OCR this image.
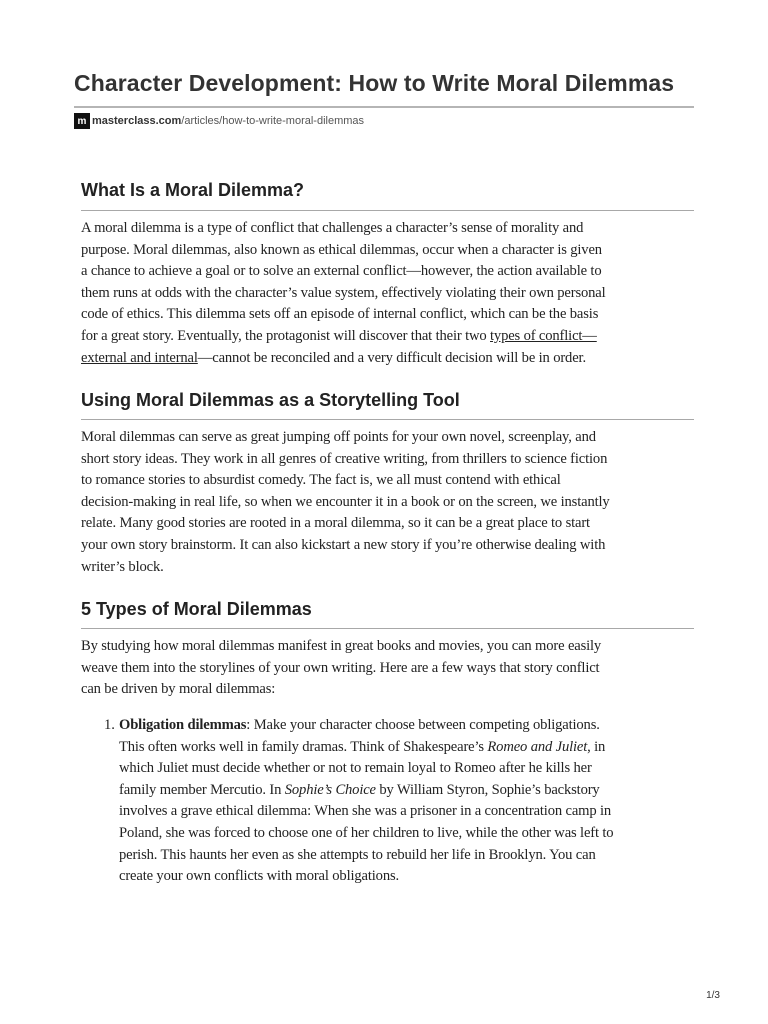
Character Development: How to Write Moral Dilemmas
m masterclass.com /articles/how-to-write-moral-dilemmas
What Is a Moral Dilemma?

A moral dilemma is a type of conflict that challenges a character’s sense of morality and
purpose. Moral dilemmas, also known as ethical dilemmas, occur when a character is given
a chance to achieve a goal or to solve an external conflict—however, the action available to
them runs at odds with the character’s value system, effectively violating their own personal
code of ethics. This dilemma sets off an episode of internal conflict, which can be the basis
for a great story. Eventually, the protagonist will discover that their two types of conflict—
external and internal—cannot be reconciled and a very difficult decision will be in order.

Using Moral Dilemmas as a Storytelling Tool

Moral dilemmas can serve as great jumping off points for your own novel, screenplay, and
short story ideas. They work in all genres of creative writing, from thrillers to science fiction
to romance stories to absurdist comedy. The fact is, we all must contend with ethical
decision-making in real life, so when we encounter it in a book or on the screen, we instantly
relate. Many good stories are rooted in a moral dilemma, so it can be a great place to start
your own story brainstorm. It can also kickstart a new story if you’re otherwise dealing with
writer’s block.

5 Types of Moral Dilemmas

By studying how moral dilemmas manifest in great books and movies, you can more easily
weave them into the storylines of your own writing. Here are a few ways that story conflict
can be driven by moral dilemmas:

1. Obligation dilemmas: Make your character choose between competing obligations.
This often works well in family dramas. Think of Shakespeare’s Romeo and Juliet, in
which Juliet must decide whether or not to remain loyal to Romeo after he kills her
family member Mercutio. In Sophie’s Choice by William Styron, Sophie’s backstory
involves a grave ethical dilemma: When she was a prisoner in a concentration camp in
Poland, she was forced to choose one of her children to live, while the other was left to
perish. This haunts her even as she attempts to rebuild her life in Brooklyn. You can
create your own conflicts with moral obligations.

1/3
